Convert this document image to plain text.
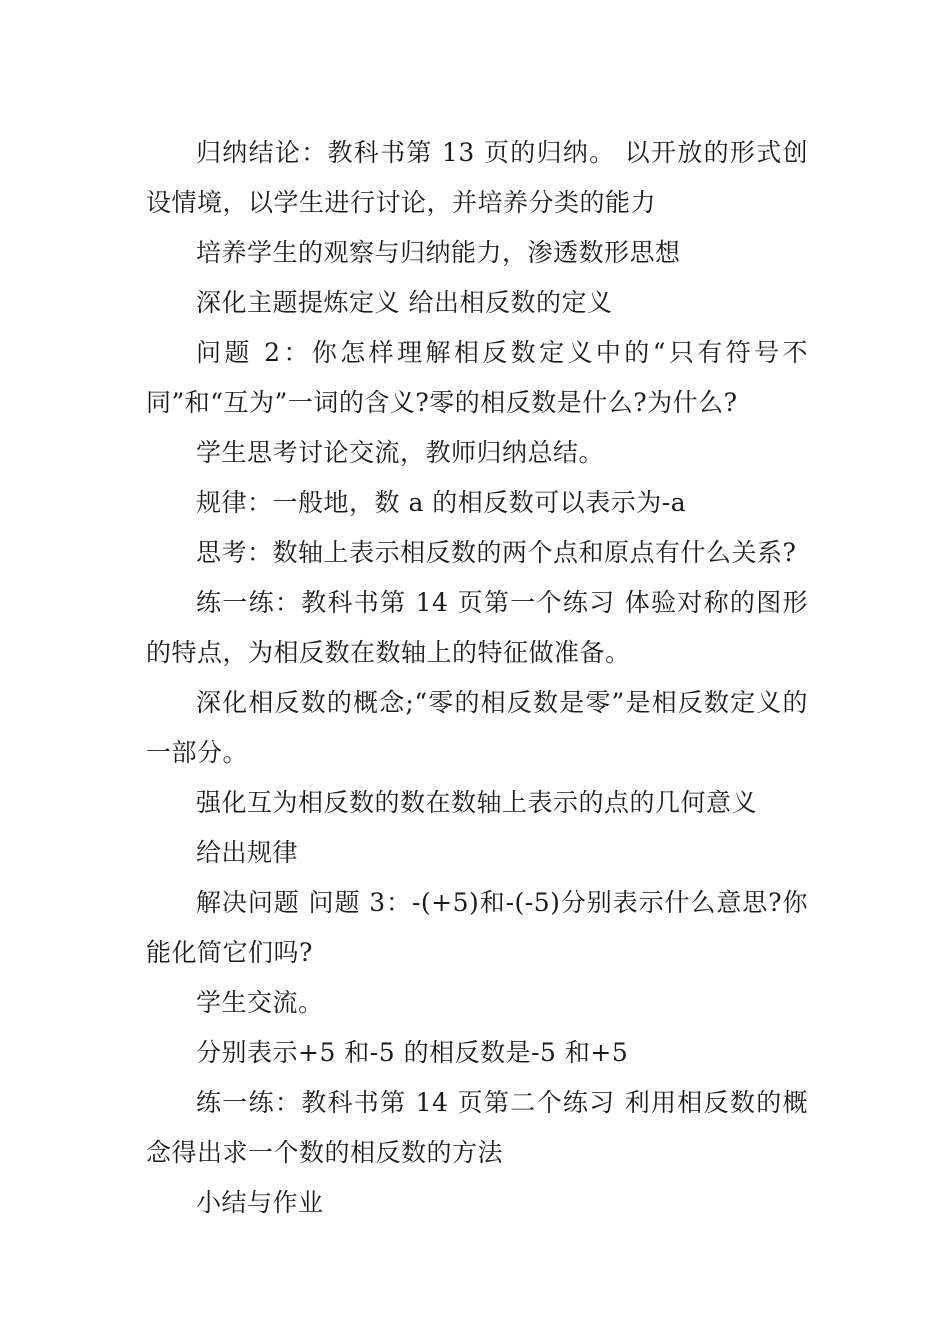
归纳结论：教科书第 13 页的归纳。 以开放的形式创设情境，以学生进行讨论，并培养分类的能力

培养学生的观察与归纳能力，渗透数形思想

深化主题提炼定义 给出相反数的定义

问题 2：你怎样理解相反数定义中的“只有符号不同”和“互为”一词的含义?零的相反数是什么?为什么?

学生思考讨论交流，教师归纳总结。

规律：一般地，数 a 的相反数可以表示为-a

思考：数轴上表示相反数的两个点和原点有什么关系?

练一练：教科书第 14 页第一个练习 体验对称的图形的特点，为相反数在数轴上的特征做准备。

深化相反数的概念;“零的相反数是零”是相反数定义的一部分。

强化互为相反数的数在数轴上表示的点的几何意义

给出规律

解决问题 问题 3：-(+5)和-(-5)分别表示什么意思?你能化简它们吗?

学生交流。

分别表示+5 和-5 的相反数是-5 和+5

练一练：教科书第 14 页第二个练习 利用相反数的概念得出求一个数的相反数的方法

小结与作业
